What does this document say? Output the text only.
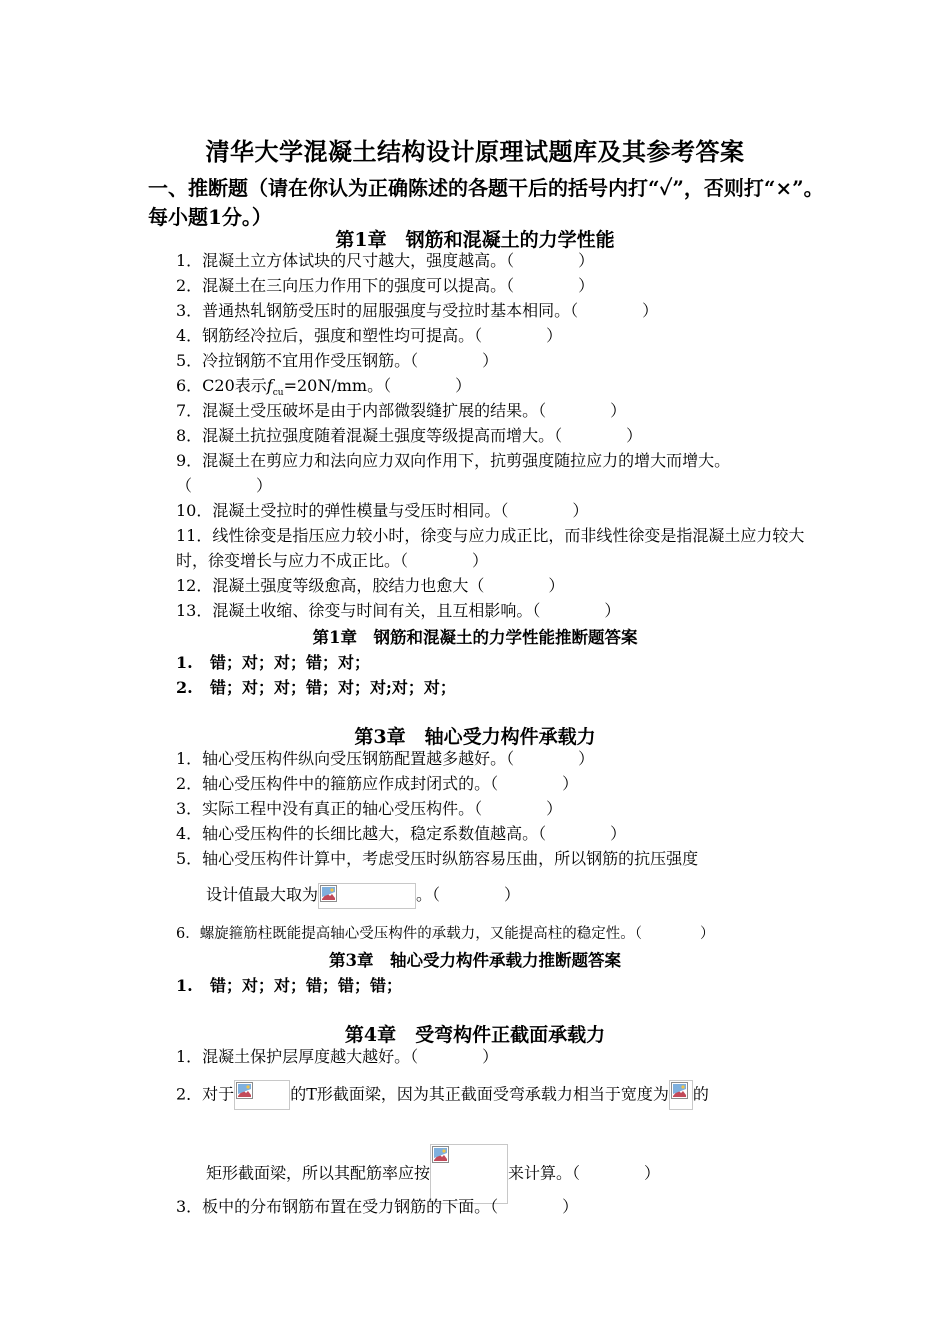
清华大学混凝土结构设计原理试题库及其参考答案
一、推断题（请在你认为正确陈述的各题干后的括号内打“✓”，否则打“×”。每小题1分。）
第1章　钢筋和混凝土的力学性能
1．混凝土立方体试块的尺寸越大，强度越高。（　　　　）
2．混凝土在三向压力作用下的强度可以提高。（　　　　）
3．普通热轧钢筋受压时的屈服强度与受拉时基本相同。（　　　　）
4．钢筋经冷拉后，强度和塑性均可提高。（　　　　）
5．冷拉钢筋不宜用作受压钢筋。（　　　　）
6．C20表示$f_{cu}=20N/mm$。（　　　　）
7．混凝土受压破坏是由于内部微裂缝扩展的结果。（　　　　）
8．混凝土抗拉强度随着混凝土强度等级提高而增大。（　　　　）
9．混凝土在剪应力和法向应力双向作用下，抗剪强度随拉应力的增大而增大。（　　　　）
10．混凝土受拉时的弹性模量与受压时相同。（　　　　）
11．线性徐变是指压应力较小时，徐变与应力成正比，而非线性徐变是指混凝土应力较大时，徐变增长与应力不成正比。（　　　　）
12．混凝土强度等级愈高，胶结力也愈大（　　　　）
13．混凝土收缩、徐变与时间有关，且互相影响。（　　　　）
第1章　钢筋和混凝土的力学性能推断题答案
1. 错；对；对；错；对；
2. 错；对；对；错；对；对;对；对；
第3章　轴心受力构件承载力
1．轴心受压构件纵向受压钢筋配置越多越好。（　　　　）
2．轴心受压构件中的箍筋应作成封闭式的。（　　　　）
3．实际工程中没有真正的轴心受压构件。（　　　　）
4．轴心受压构件的长细比越大，稳定系数值越高。（　　　　）
5．轴心受压构件计算中，考虑受压时纵筋容易压曲，所以钢筋的抗压强度
设计值最大取为	。（　　　　）
6．螺旋箍筋柱既能提高轴心受压构件的承载力，又能提高柱的稳定性。（　　　　）
第3章　轴心受力构件承载力推断题答案
1. 错；对；对；错；错；错；
第4章　受弯构件正截面承载力
1．混凝土保护层厚度越大越好。（　　　　）
2．对于	的T形截面梁，因为其正截面受弯承载力相当于宽度为 的
矩形截面梁，所以其配筋率应按	来计算。（　　　　）
3．板中的分布钢筋布置在受力钢筋的下面。（　　　　）
